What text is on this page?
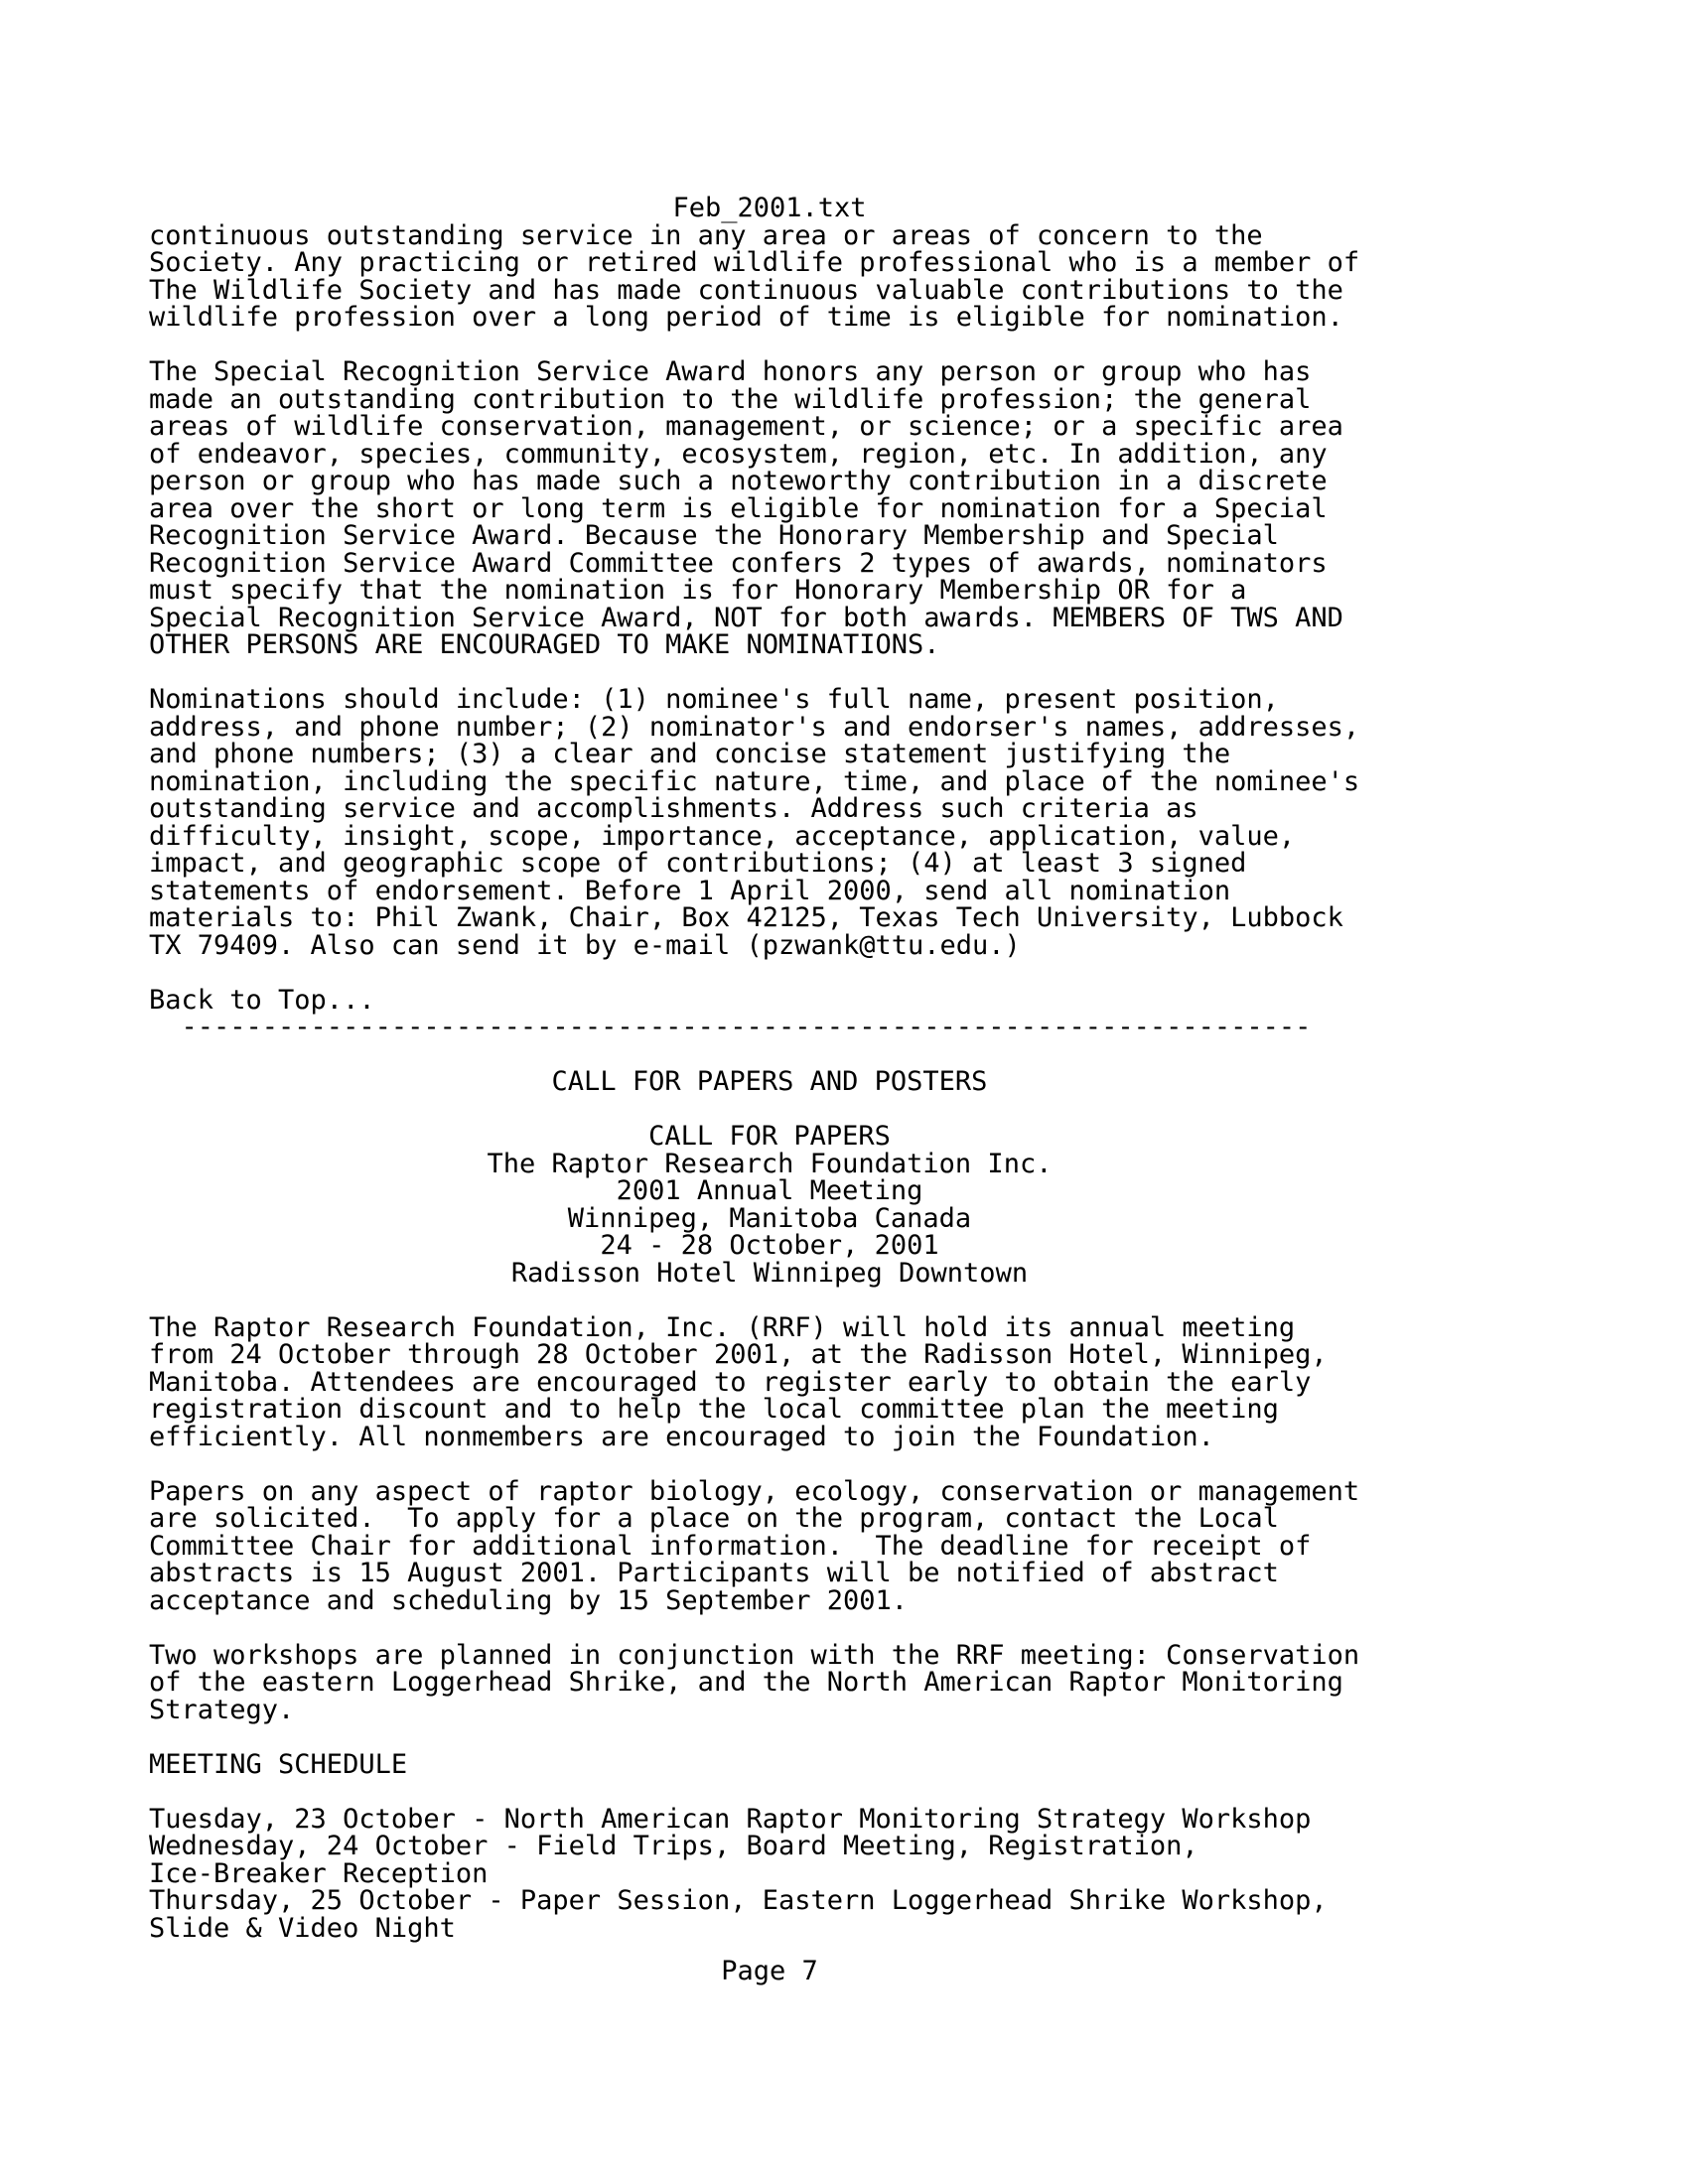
Feb_2001.txt
continuous outstanding service in any area or areas of concern to the
Society. Any practicing or retired wildlife professional who is a member of
The Wildlife Society and has made continuous valuable contributions to the
wildlife profession over a long period of time is eligible for nomination.
The Special Recognition Service Award honors any person or group who has
made an outstanding contribution to the wildlife profession; the general
areas of wildlife conservation, management, or science; or a specific area
of endeavor, species, community, ecosystem, region, etc. In addition, any
person or group who has made such a noteworthy contribution in a discrete
area over the short or long term is eligible for nomination for a Special
Recognition Service Award. Because the Honorary Membership and Special
Recognition Service Award Committee confers 2 types of awards, nominators
must specify that the nomination is for Honorary Membership OR for a
Special Recognition Service Award, NOT for both awards. MEMBERS OF TWS AND
OTHER PERSONS ARE ENCOURAGED TO MAKE NOMINATIONS.
Nominations should include: (1) nominee's full name, present position,
address, and phone number; (2) nominator's and endorser's names, addresses,
and phone numbers; (3) a clear and concise statement justifying the
nomination, including the specific nature, time, and place of the nominee's
outstanding service and accomplishments. Address such criteria as
difficulty, insight, scope, importance, acceptance, application, value,
impact, and geographic scope of contributions; (4) at least 3 signed
statements of endorsement. Before 1 April 2000, send all nomination
materials to: Phil Zwank, Chair, Box 42125, Texas Tech University, Lubbock
TX 79409. Also can send it by e-mail (pzwank@ttu.edu.)
Back to Top...
----------------------------------------------------------------------
CALL FOR PAPERS AND POSTERS
CALL FOR PAPERS
The Raptor Research Foundation Inc.
2001 Annual Meeting
Winnipeg, Manitoba Canada
24 - 28 October, 2001
Radisson Hotel Winnipeg Downtown
The Raptor Research Foundation, Inc. (RRF) will hold its annual meeting
from 24 October through 28 October 2001, at the Radisson Hotel, Winnipeg,
Manitoba. Attendees are encouraged to register early to obtain the early
registration discount and to help the local committee plan the meeting
efficiently. All nonmembers are encouraged to join the Foundation.
Papers on any aspect of raptor biology, ecology, conservation or management
are solicited.  To apply for a place on the program, contact the Local
Committee Chair for additional information.  The deadline for receipt of
abstracts is 15 August 2001. Participants will be notified of abstract
acceptance and scheduling by 15 September 2001.
Two workshops are planned in conjunction with the RRF meeting: Conservation
of the eastern Loggerhead Shrike, and the North American Raptor Monitoring
Strategy.
MEETING SCHEDULE
Tuesday, 23 October - North American Raptor Monitoring Strategy Workshop
Wednesday, 24 October - Field Trips, Board Meeting, Registration,
Ice-Breaker Reception
Thursday, 25 October - Paper Session, Eastern Loggerhead Shrike Workshop,
Slide & Video Night
Page 7
